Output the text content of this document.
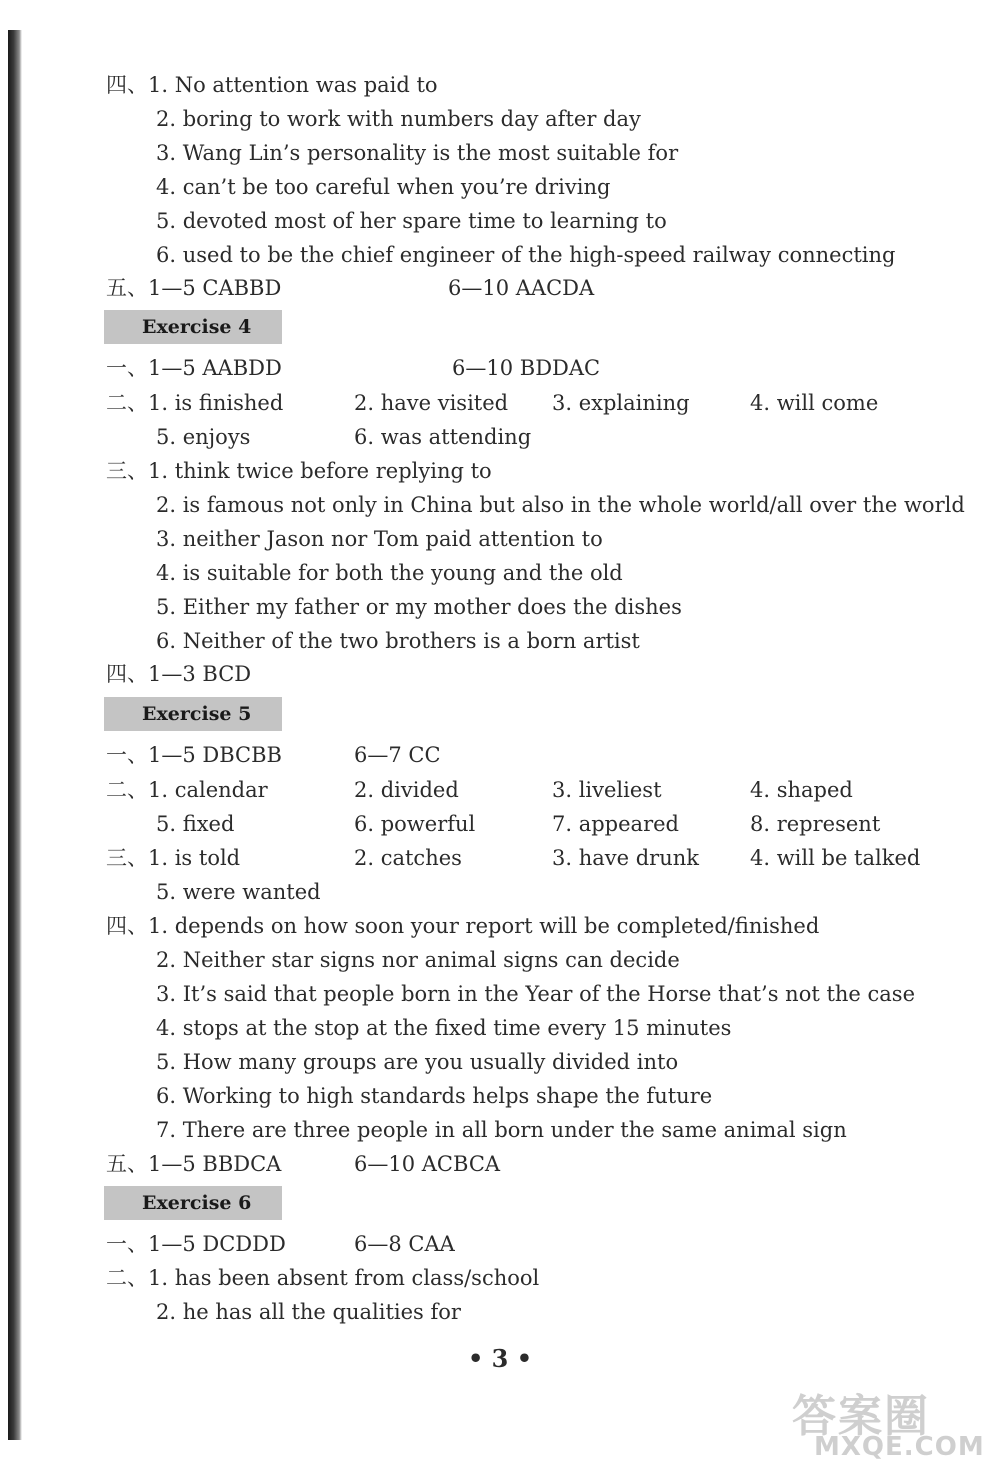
四、1. No attention was paid to
2. boring to work with numbers day after day
3. Wang Lin’s personality is the most suitable for
4. can’t be too careful when you’re driving
5. devoted most of her spare time to learning to
6. used to be the chief engineer of the high-speed railway connecting
五、1—5 CABBD	6—10 AACDA
一、1—5 AABDD	6—10 BDDAC
二、1. is finished	2. have visited 3. explaining	4. will come
5. enjoys	6. was attending
三、1. think twice before replying to
2. is famous not only in China but also in the whole world/all over the world
3. neither Jason nor Tom paid attention to
4. is suitable for both the young and the old
5. Either my father or my mother does the dishes
6. Neither of the two brothers is a born artist
四、1—3 BCD
一、1—5 DBCBB	6—7 CC
二、1. calendar	2. divided	3. liveliest	4. shaped
5. fixed	6. powerful	7. appeared	8. represent
三、1. is told	2. catches	3. have drunk 4. will be talked
5. were wanted
四、1. depends on how soon your report will be completed/finished
2. Neither star signs nor animal signs can decide
3. It’s said that people born in the Year of the Horse that’s not the case
4. stops at the stop at the fixed time every 15 minutes
5. How many groups are you usually divided into
6. Working to high standards helps shape the future
7. There are three people in all born under the same animal sign
五、1—5 BBDCA	6—10 ACBCA
一、1—5 DCDDD	6—8 CAA
二、1. has been absent from class/school
2. he has all the qualities for
Exercise 4
Exercise 5
Exercise 6
• 3 •
答案圈
MXQE.COM
